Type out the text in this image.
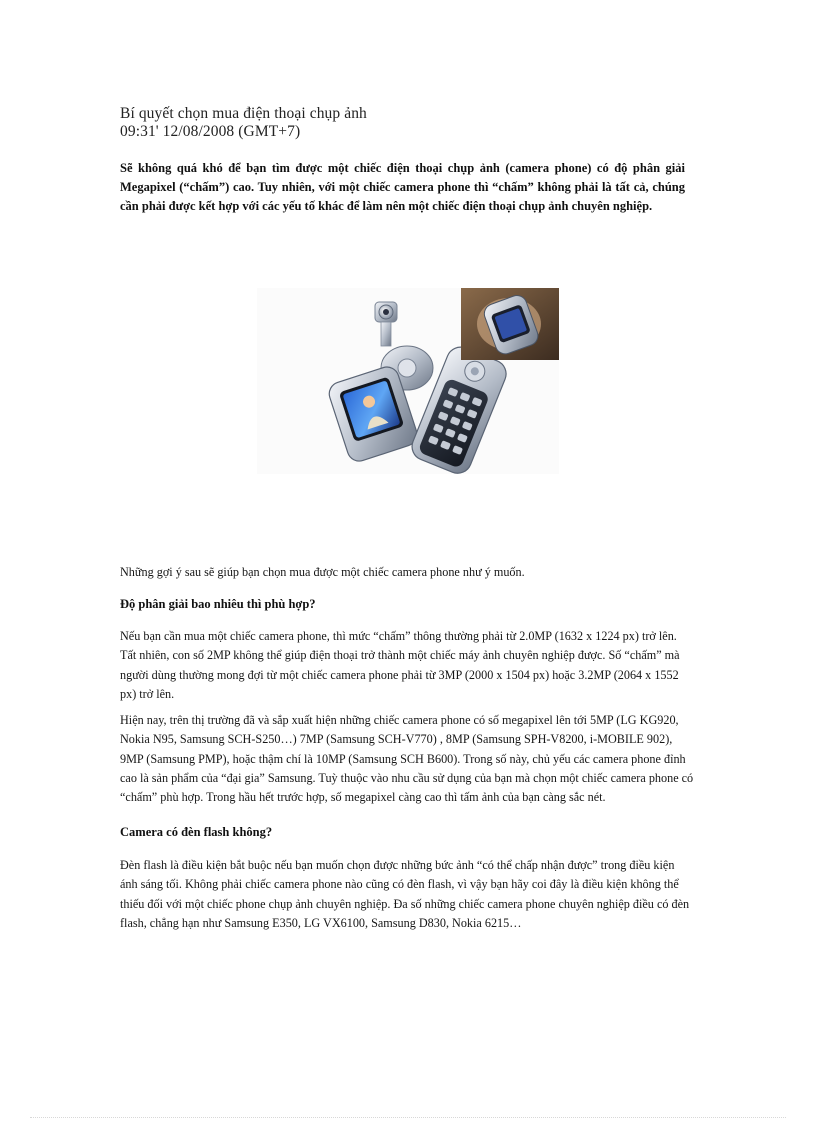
Bí quyết chọn mua điện thoại chụp ảnh
09:31' 12/08/2008 (GMT+7)
Sẽ không quá khó để bạn tìm được một chiếc điện thoại chụp ảnh (camera phone) có độ phân giải Megapixel (“chấm”) cao. Tuy nhiên, với một chiếc camera phone thì “chấm” không phải là tất cả, chúng cần phải được kết hợp với các yếu tố khác để làm nên một chiếc điện thoại chụp ảnh chuyên nghiệp.
Những gợi ý sau sẽ giúp bạn chọn mua được một chiếc camera phone như ý muốn.
Độ phân giải bao nhiêu thì phù hợp?
Nếu bạn cần mua một chiếc camera phone, thì mức “chấm” thông thường phải từ 2.0MP (1632 x 1224 px) trở lên. Tất nhiên, con số 2MP không thể giúp điện thoại trở thành một chiếc máy ảnh chuyên nghiệp được. Số “chấm” mà người dùng thường mong đợi từ một chiếc camera phone phải từ 3MP (2000 x 1504 px) hoặc 3.2MP (2064 x 1552 px) trở lên.
Hiện nay, trên thị trường đã và sắp xuất hiện những chiếc camera phone có số megapixel lên tới 5MP (LG KG920, Nokia N95, Samsung SCH-S250…) 7MP (Samsung SCH-V770) , 8MP (Samsung SPH-V8200, i-MOBILE 902), 9MP (Samsung PMP), hoặc thậm chí là 10MP (Samsung SCH B600). Trong số này, chủ yếu các camera phone đỉnh cao là sản phẩm của “đại gia” Samsung. Tuỳ thuộc vào nhu cầu sử dụng của bạn mà chọn một chiếc camera phone có “chấm” phù hợp. Trong hầu hết trước hợp, số megapixel càng cao thì tấm ảnh của bạn càng sắc nét.
Camera có đèn flash không?
Đèn flash là điều kiện bắt buộc nếu bạn muốn chọn được những bức ảnh “có thể chấp nhận được” trong điều kiện ánh sáng tối. Không phải chiếc camera phone nào cũng có đèn flash, vì vậy bạn hãy coi đây là điều kiện không thể thiếu đối với một chiếc phone chụp ảnh chuyên nghiệp. Đa số những chiếc camera phone chuyên nghiệp điều có đèn flash, chẳng hạn như Samsung E350, LG VX6100, Samsung D830, Nokia 6215…
